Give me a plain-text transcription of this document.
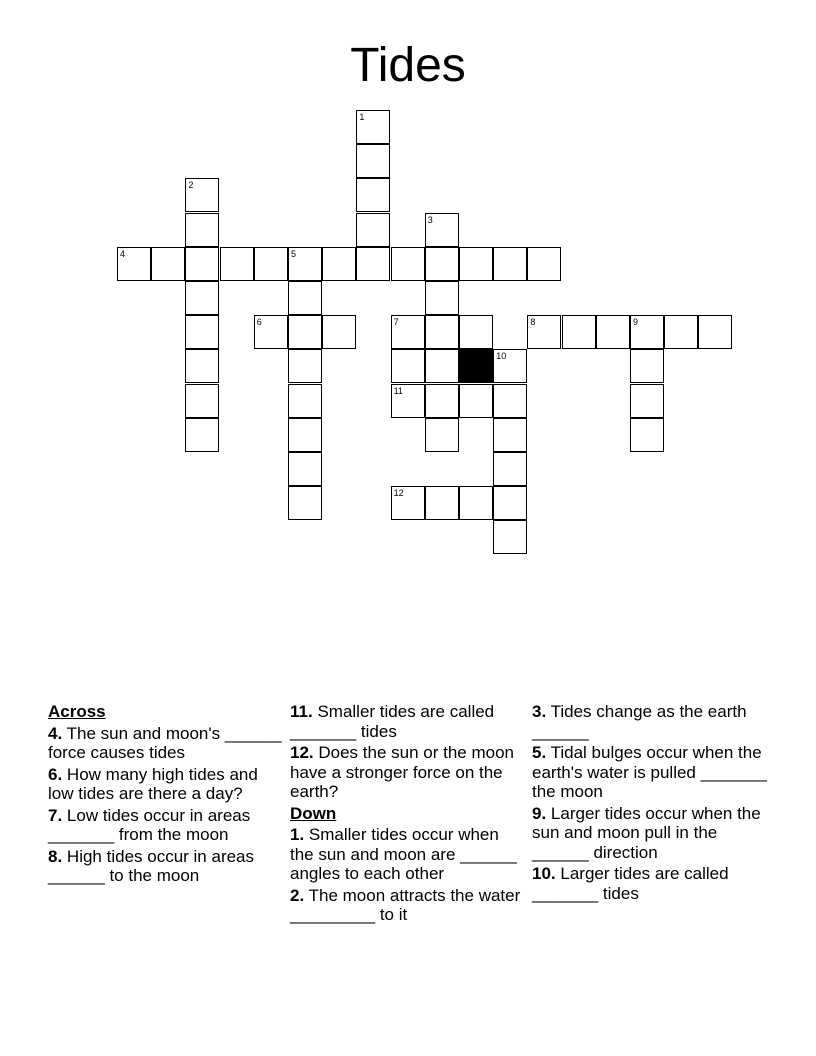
Tides
1
2
3
4	5
6	7	8	9
10
11
12
Across
4. The sun and moon's ______ force causes tides
6. How many high tides and low tides are there a day?
7. Low tides occur in areas _______ from the moon
8. High tides occur in areas ______ to the moon
11. Smaller tides are called _______ tides
12. Does the sun or the moon have a stronger force on the earth?
Down
1. Smaller tides occur when the sun and moon are ______ angles to each other
2. The moon attracts the water _________ to it
3. Tides change as the earth ______
5. Tidal bulges occur when the earth's water is pulled _______ the moon
9. Larger tides occur when the sun and moon pull in the ______ direction
10. Larger tides are called _______ tides
